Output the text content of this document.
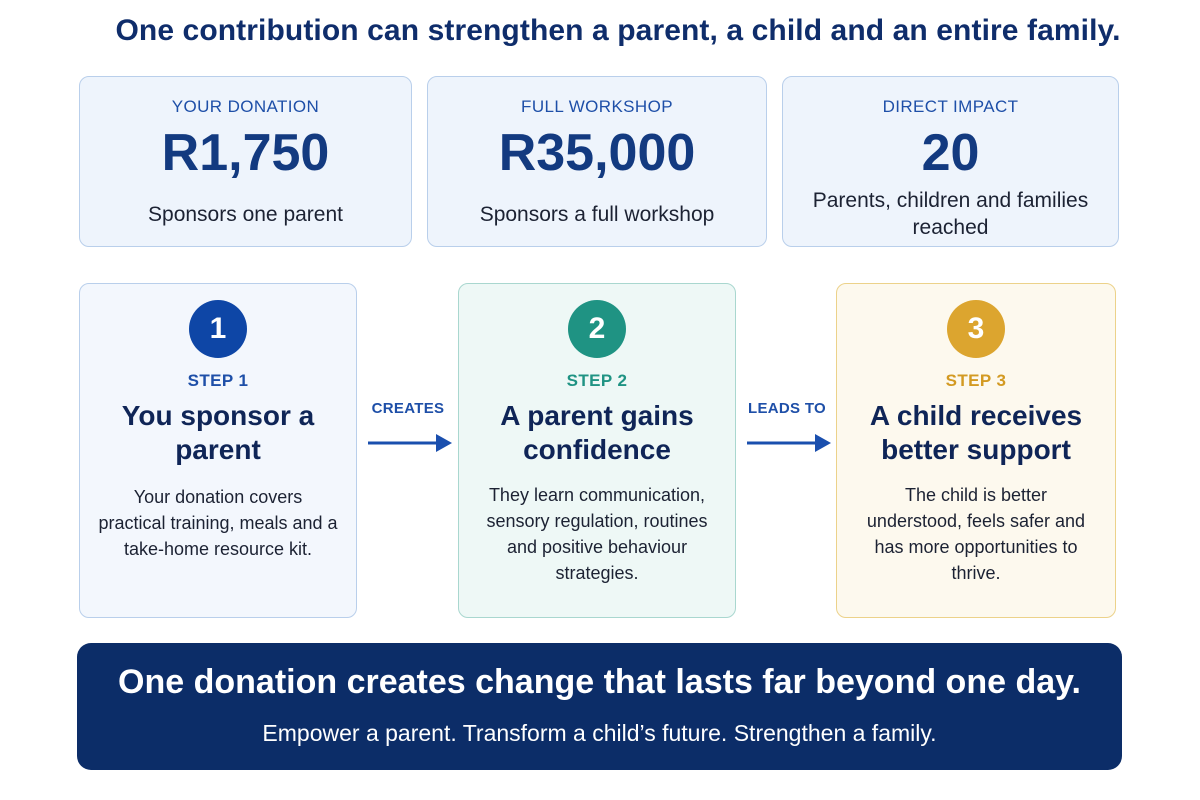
One contribution can strengthen a parent, a child and an entire family.
YOUR DONATION
R1,750
Sponsors one parent
FULL WORKSHOP
R35,000
Sponsors a full workshop
DIRECT IMPACT
20
Parents, children and families reached
1
STEP 1
You sponsor a parent
Your donation covers practical training, meals and a take-home resource kit.
CREATES
2
STEP 2
A parent gains confidence
They learn communication, sensory regulation, routines and positive behaviour strategies.
LEADS TO
3
STEP 3
A child receives better support
The child is better understood, feels safer and has more opportunities to thrive.
One donation creates change that lasts far beyond one day.
Empower a parent. Transform a child’s future. Strengthen a family.
